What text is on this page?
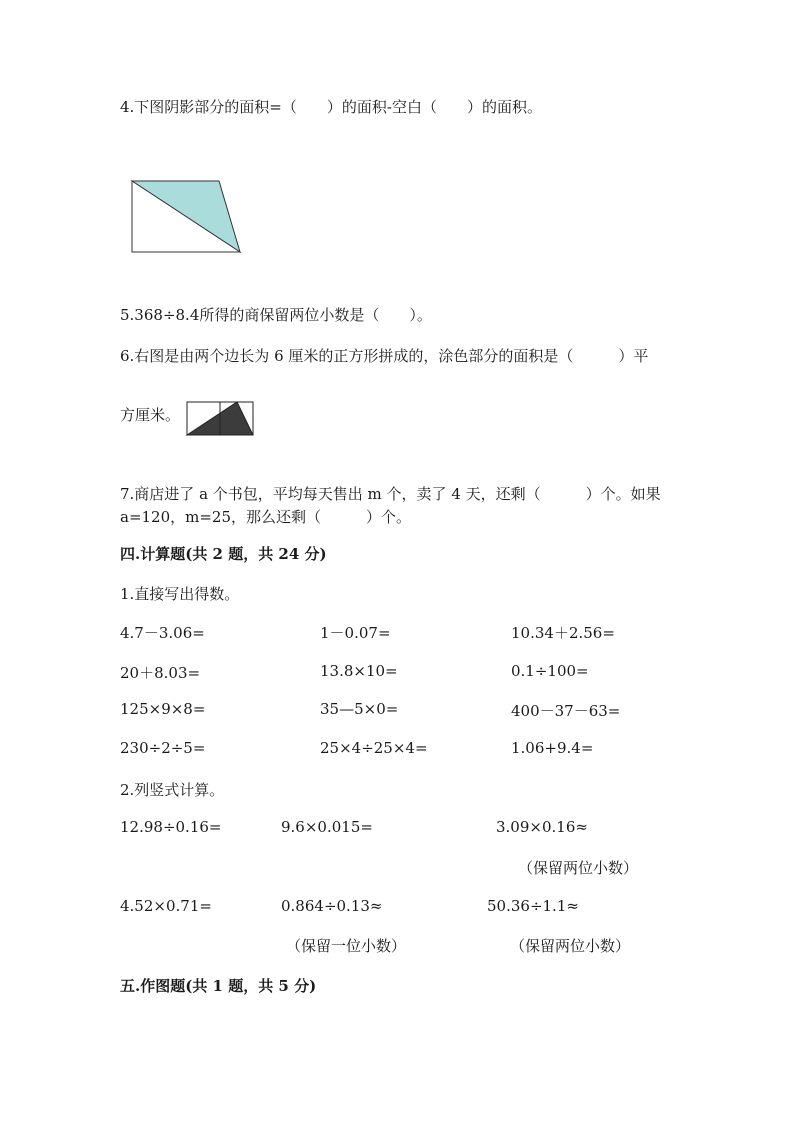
4.下图阴影部分的面积=（　　）的面积-空白（　　）的面积。
5.368÷8.4所得的商保留两位小数是（　　）。
6.右图是由两个边长为 6 厘米的正方形拼成的，涂色部分的面积是（　　　）平
方厘米。
7.商店进了 a 个书包，平均每天售出 m 个，卖了 4 天，还剩（　　　）个。如果
a=120，m=25，那么还剩（　　　）个。
四.计算题(共 2 题，共 24 分)
1.直接写出得数。
4.7－3.06=	1－0.07=	10.34＋2.56=
20＋8.03=	13.8×10=	0.1÷100=
125×9×8=	35—5×0=	400－37－63=
230÷2÷5=	25×4÷25×4=	1.06+9.4=
2.列竖式计算。
12.98÷0.16=	9.6×0.015=	3.09×0.16≈
（保留两位小数）
4.52×0.71=	0.864÷0.13≈	50.36÷1.1≈
（保留一位小数）	（保留两位小数）
五.作图题(共 1 题，共 5 分)
